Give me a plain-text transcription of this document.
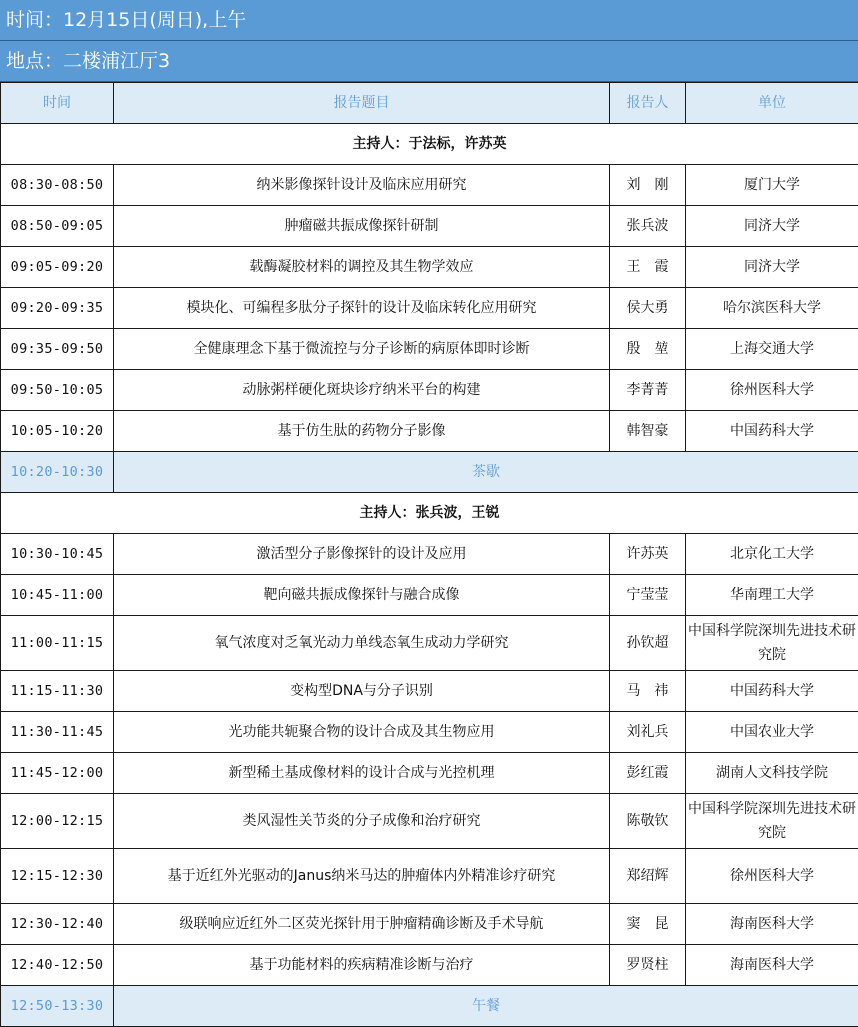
时间：12月15日(周日),上午
地点：二楼浦江厅3
时间	报告题目	报告人	单位
主持人：于法标，许苏英			
08:30-08:50	纳米影像探针设计及临床应用研究	刘　刚	厦门大学
08:50-09:05	肿瘤磁共振成像探针研制	张兵波	同济大学
09:05-09:20	载酶凝胶材料的调控及其生物学效应	王　霞	同济大学
09:20-09:35	模块化、可编程多肽分子探针的设计及临床转化应用研究	侯大勇	哈尔滨医科大学
09:35-09:50	全健康理念下基于微流控与分子诊断的病原体即时诊断	殷　堃	上海交通大学
09:50-10:05	动脉粥样硬化斑块诊疗纳米平台的构建	李菁菁	徐州医科大学
10:05-10:20	基于仿生肽的药物分子影像	韩智豪	中国药科大学
10:20-10:30	茶歇		
主持人：张兵波，王锐			
10:30-10:45	激活型分子影像探针的设计及应用	许苏英	北京化工大学
10:45-11:00	靶向磁共振成像探针与融合成像	宁莹莹	华南理工大学
11:00-11:15	氧气浓度对乏氧光动力单线态氧生成动力学研究	孙钦超	中国科学院深圳先进技术研究院
11:15-11:30	变构型DNA与分子识别	马　祎	中国药科大学
11:30-11:45	光功能共轭聚合物的设计合成及其生物应用	刘礼兵	中国农业大学
11:45-12:00	新型稀土基成像材料的设计合成与光控机理	彭红霞	湖南人文科技学院
12:00-12:15	类风湿性关节炎的分子成像和治疗研究	陈敬钦	中国科学院深圳先进技术研究院
12:15-12:30	基于近红外光驱动的Janus纳米马达的肿瘤体内外精准诊疗研究	郑绍辉	徐州医科大学
12:30-12:40	级联响应近红外二区荧光探针用于肿瘤精确诊断及手术导航	窦　昆	海南医科大学
12:40-12:50	基于功能材料的疾病精准诊断与治疗	罗贤柱	海南医科大学
12:50-13:30	午餐		
